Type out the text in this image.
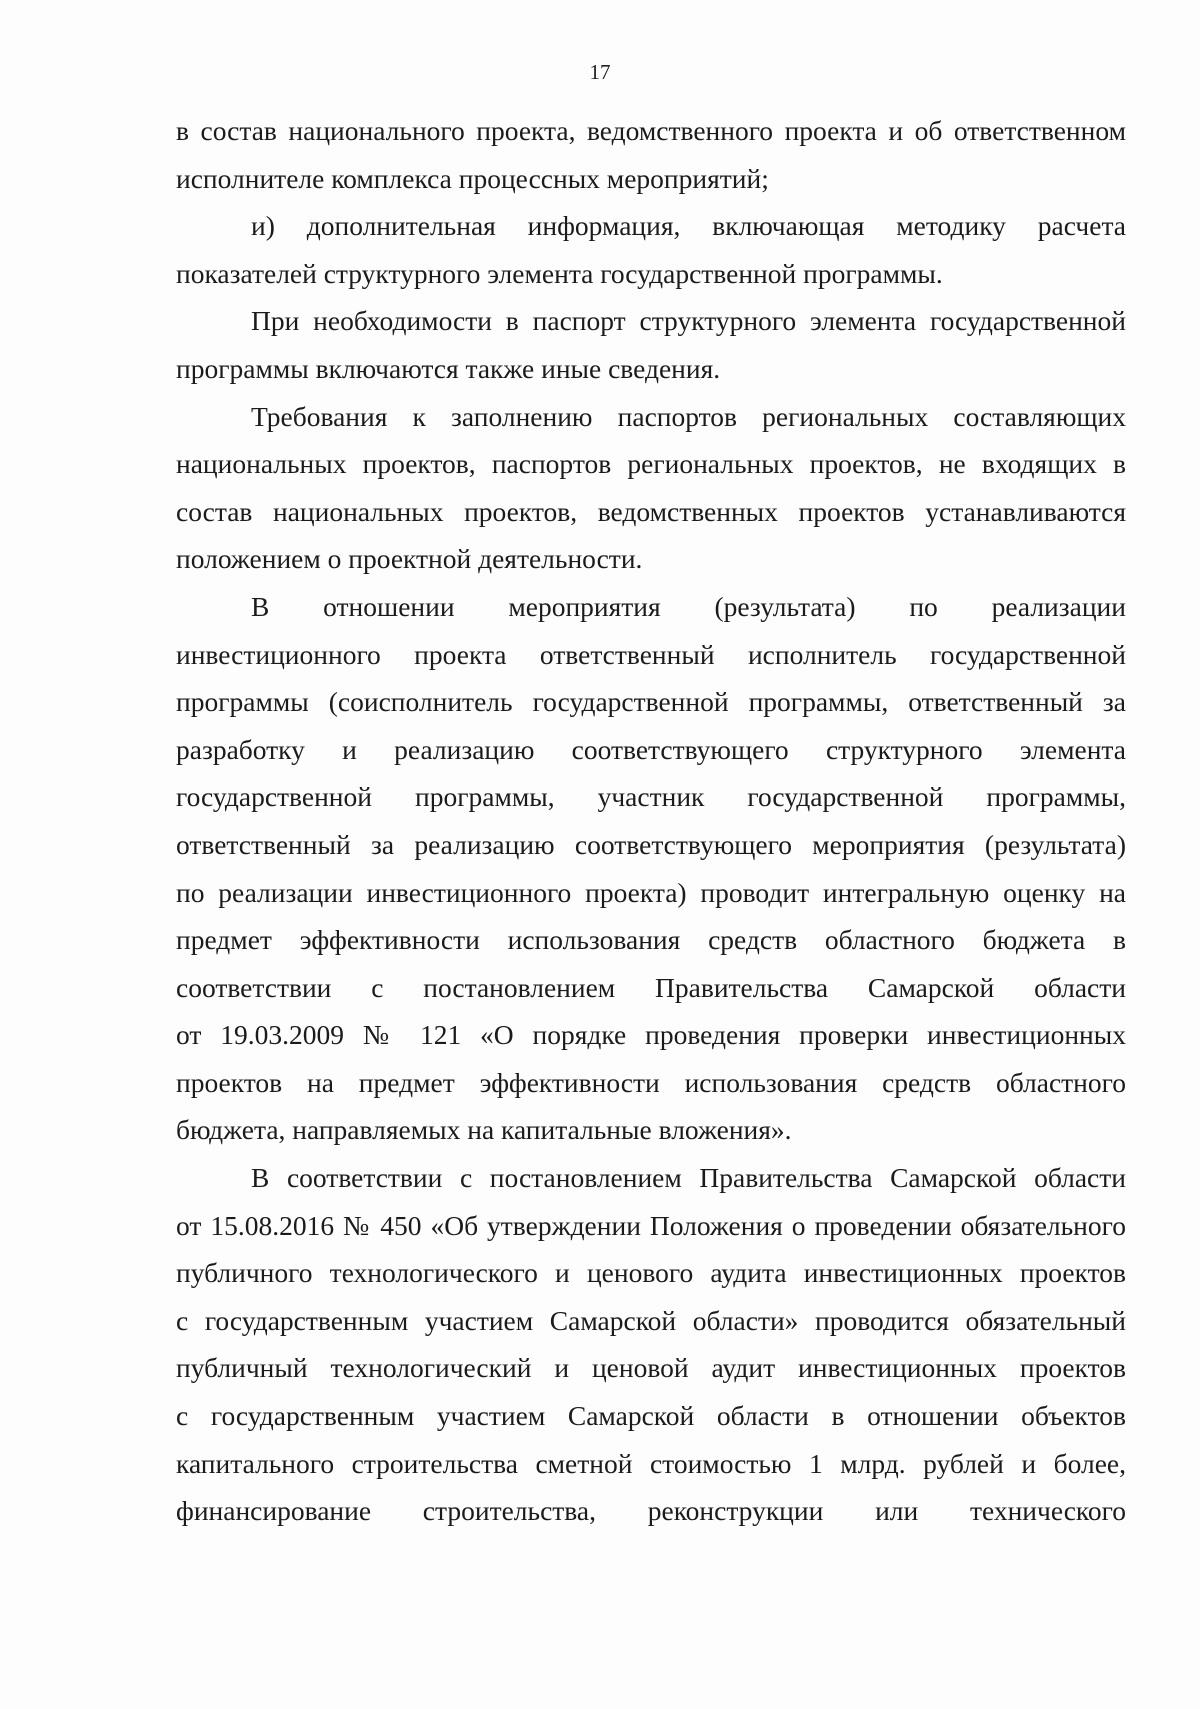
17
в состав национального проекта, ведомственного проекта и об ответственном
исполнителе комплекса процессных мероприятий;
и) дополнительная информация, включающая методику расчета
показателей структурного элемента государственной программы.
При необходимости в паспорт структурного элемента государственной
программы включаются также иные сведения.
Требования к заполнению паспортов региональных составляющих
национальных проектов, паспортов региональных проектов, не входящих в
состав национальных проектов, ведомственных проектов устанавливаются
положением о проектной деятельности.
В отношении мероприятия (результата) по реализации
инвестиционного проекта ответственный исполнитель государственной
программы (соисполнитель государственной программы, ответственный за
разработку и реализацию соответствующего структурного элемента
государственной программы, участник государственной программы,
ответственный за реализацию соответствующего мероприятия (результата)
по реализации инвестиционного проекта) проводит интегральную оценку на
предмет эффективности использования средств областного бюджета в
соответствии с постановлением Правительства Самарской области
от 19.03.2009 № 121 «О порядке проведения проверки инвестиционных
проектов на предмет эффективности использования средств областного
бюджета, направляемых на капитальные вложения».
В соответствии с постановлением Правительства Самарской области
от 15.08.2016 № 450 «Об утверждении Положения о проведении обязательного
публичного технологического и ценового аудита инвестиционных проектов
с государственным участием Самарской области» проводится обязательный
публичный технологический и ценовой аудит инвестиционных проектов
с государственным участием Самарской области в отношении объектов
капитального строительства сметной стоимостью 1 млрд. рублей и более,
финансирование строительства, реконструкции или технического
